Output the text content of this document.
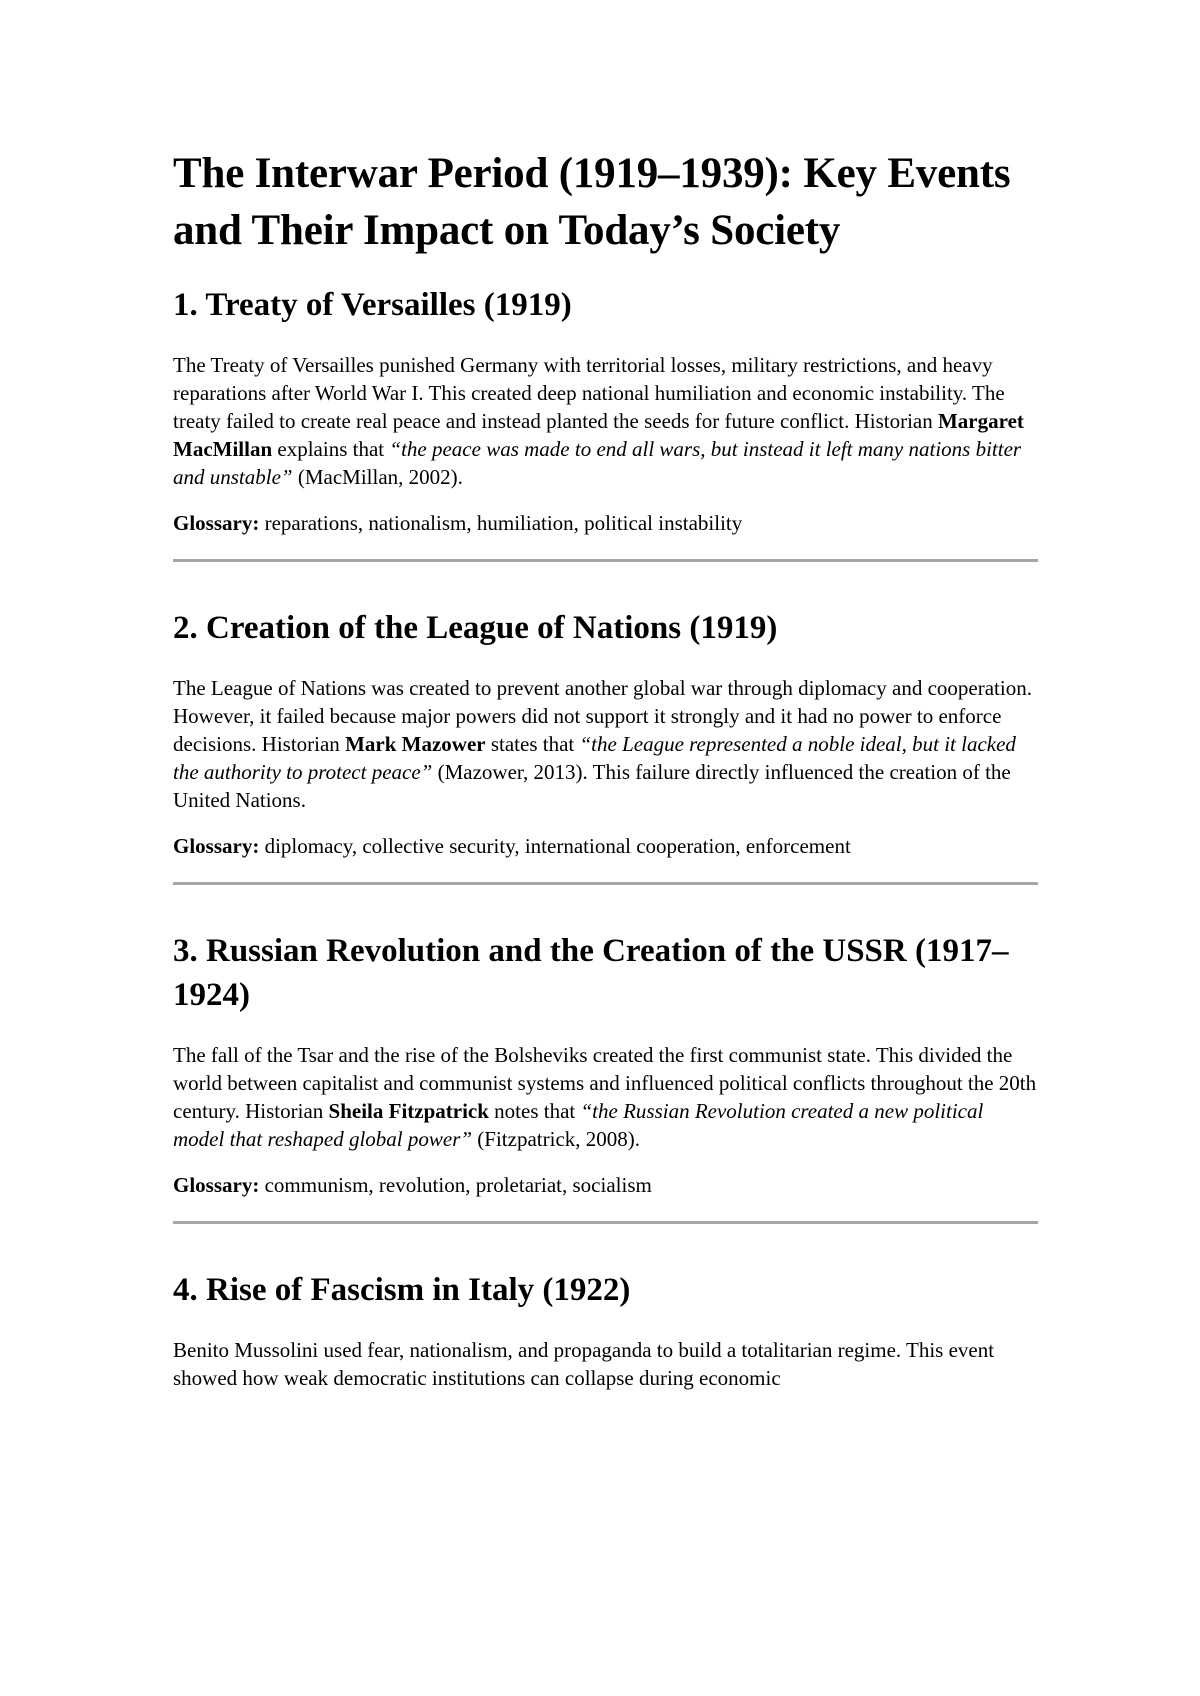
The Interwar Period (1919–1939): Key Events and Their Impact on Today’s Society
1. Treaty of Versailles (1919)

The Treaty of Versailles punished Germany with territorial losses, military restrictions, and heavy reparations after World War I. This created deep national humiliation and economic instability. The treaty failed to create real peace and instead planted the seeds for future conflict. Historian Margaret MacMillan explains that “the peace was made to end all wars, but instead it left many nations bitter and unstable” (MacMillan, 2002).

Glossary: reparations, nationalism, humiliation, political instability

2. Creation of the League of Nations (1919)

The League of Nations was created to prevent another global war through diplomacy and cooperation. However, it failed because major powers did not support it strongly and it had no power to enforce decisions. Historian Mark Mazower states that “the League represented a noble ideal, but it lacked the authority to protect peace” (Mazower, 2013). This failure directly influenced the creation of the United Nations.

Glossary: diplomacy, collective security, international cooperation, enforcement

3. Russian Revolution and the Creation of the USSR (1917–1924)

The fall of the Tsar and the rise of the Bolsheviks created the first communist state. This divided the world between capitalist and communist systems and influenced political conflicts throughout the 20th century. Historian Sheila Fitzpatrick notes that “the Russian Revolution created a new political model that reshaped global power” (Fitzpatrick, 2008).

Glossary: communism, revolution, proletariat, socialism

4. Rise of Fascism in Italy (1922)

Benito Mussolini used fear, nationalism, and propaganda to build a totalitarian regime. This event showed how weak democratic institutions can collapse during economic
